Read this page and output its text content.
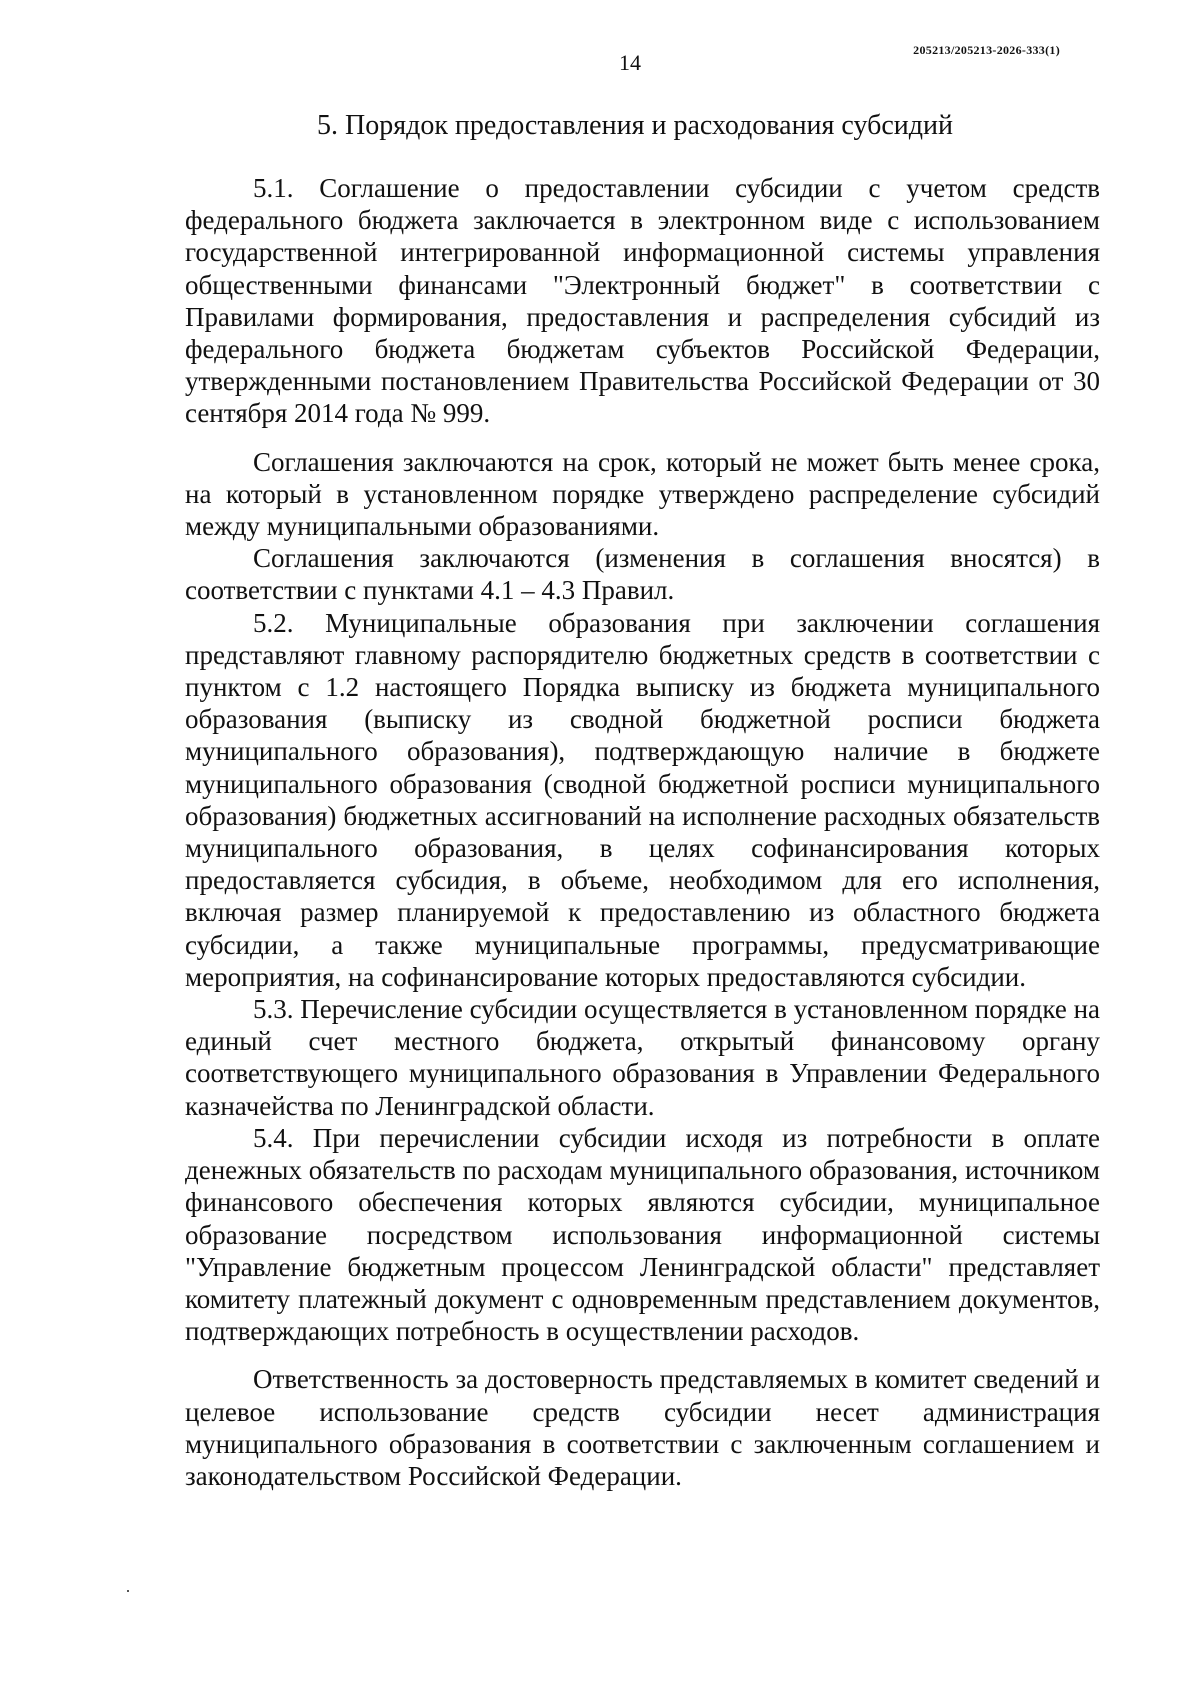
14	205213/205213-2026-333(1)
5. Порядок предоставления и расходования субсидий

5.1. Соглашение о предоставлении субсидии с учетом средств федерального бюджета заключается в электронном виде с использованием государственной интегрированной информационной системы управления общественными финансами "Электронный бюджет" в соответствии с Правилами формирования, предоставления и распределения субсидий из федерального бюджета бюджетам субъектов Российской Федерации, утвержденными постановлением Правительства Российской Федерации от 30 сентября 2014 года № 999.

Соглашения заключаются на срок, который не может быть менее срока, на который в установленном порядке утверждено распределение субсидий между муниципальными образованиями.

Соглашения заключаются (изменения в соглашения вносятся) в соответствии с пунктами 4.1 – 4.3 Правил.

5.2. Муниципальные образования при заключении соглашения представляют главному распорядителю бюджетных средств в соответствии с пунктом с 1.2 настоящего Порядка выписку из бюджета муниципального образования (выписку из сводной бюджетной росписи бюджета муниципального образования), подтверждающую наличие в бюджете муниципального образования (сводной бюджетной росписи муниципального образования) бюджетных ассигнований на исполнение расходных обязательств муниципального образования, в целях софинансирования которых предоставляется субсидия, в объеме, необходимом для его исполнения, включая размер планируемой к предоставлению из областного бюджета субсидии, а также муниципальные программы, предусматривающие мероприятия, на софинансирование которых предоставляются субсидии.

5.3. Перечисление субсидии осуществляется в установленном порядке на единый счет местного бюджета, открытый финансовому органу соответствующего муниципального образования в Управлении Федерального казначейства по Ленинградской области.

5.4. При перечислении субсидии исходя из потребности в оплате денежных обязательств по расходам муниципального образования, источником финансового обеспечения которых являются субсидии, муниципальное образование посредством использования информационной системы "Управление бюджетным процессом Ленинградской области" представляет комитету платежный документ с одновременным представлением документов, подтверждающих потребность в осуществлении расходов.

Ответственность за достоверность представляемых в комитет сведений и целевое использование средств субсидии несет администрация муниципального образования в соответствии с заключенным соглашением и законодательством Российской Федерации.
